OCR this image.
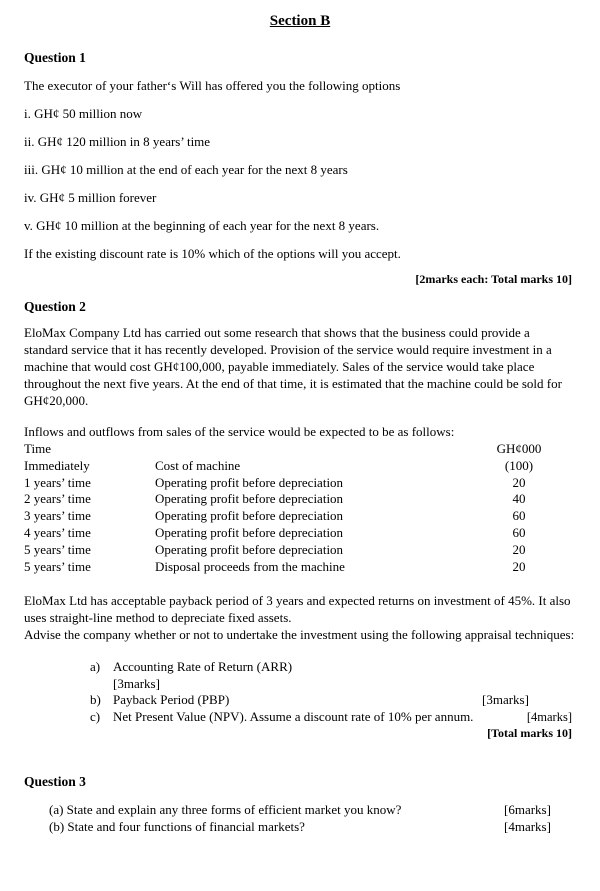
Section B
Question 1
The executor of your father‘s Will has offered you the following options
i. GH¢ 50 million now
ii. GH¢ 120 million in 8 years’ time
iii. GH¢ 10 million at the end of each year for the next 8 years
iv. GH¢ 5 million forever
v. GH¢ 10 million at the beginning of each year for the next 8 years.
If the existing discount rate is 10% which of the options will you accept.
[2marks each: Total marks 10]
Question 2
EloMax Company Ltd has carried out some research that shows that the business could provide a standard service that it has recently developed. Provision of the service would require investment in a machine that would cost GH¢100,000, payable immediately. Sales of the service would take place throughout the next five years. At the end of that time, it is estimated that the machine could be sold for GH¢20,000.
Inflows and outflows from sales of the service would be expected to be as follows:
Time	GH¢000
Immediately	Cost of machine	(100)
1 years’ time	Operating profit before depreciation	20
2 years’ time	Operating profit before depreciation	40
3 years’ time	Operating profit before depreciation	60
4 years’ time	Operating profit before depreciation	60
5 years’ time	Operating profit before depreciation	20
5 years’ time	Disposal proceeds from the machine	20
EloMax Ltd has acceptable payback period of 3 years and expected returns on investment of 45%. It also uses straight-line method to depreciate fixed assets.
Advise the company whether or not to undertake the investment using the following appraisal techniques:
a) Accounting Rate of Return (ARR)
[3marks]
b) Payback Period (PBP)	[3marks]
c) Net Present Value (NPV). Assume a discount rate of 10% per annum.	[4marks]
[Total marks 10]
Question 3
(a) State and explain any three forms of efficient market you know?	[6marks]
(b) State and four functions of financial markets?	[4marks]
